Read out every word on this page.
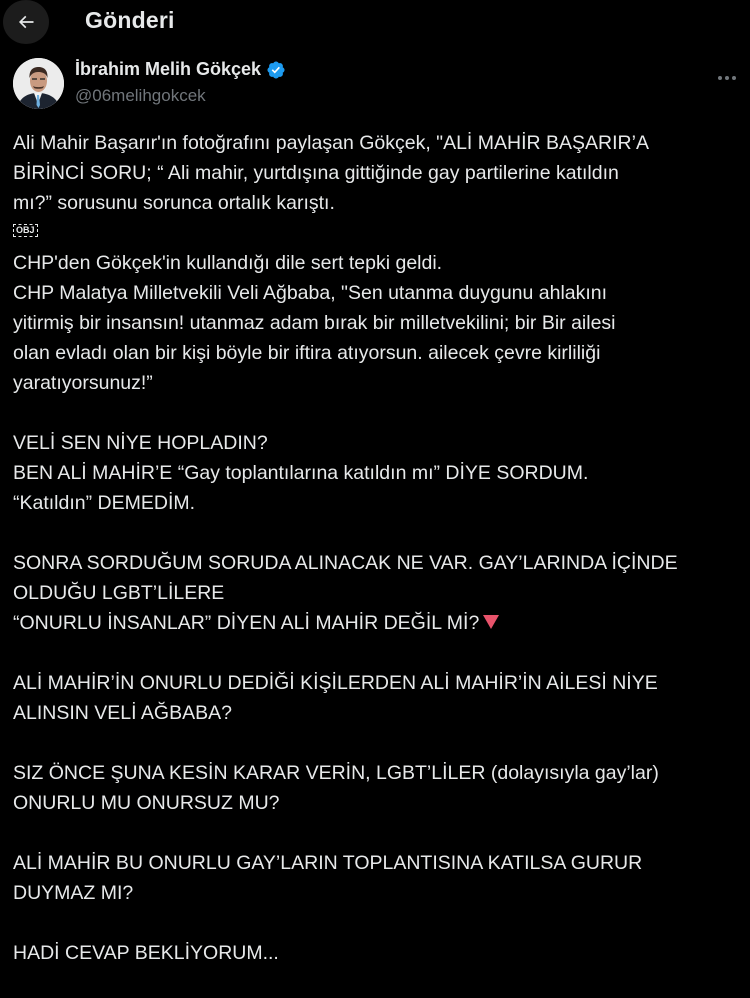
Gönderi
İbrahim Melih Gökçek
@06melihgokcek

Ali Mahir Başarır'ın fotoğrafını paylaşan Gökçek, "ALİ MAHİR BAŞARIR’A

BİRİNCİ SORU; “ Ali mahir, yurtdışına gittiğinde gay partilerine katıldın

mı?” sorusunu sorunca ortalık karıştı.

OBJ

CHP'den Gökçek'in kullandığı dile sert tepki geldi.

CHP Malatya Milletvekili Veli Ağbaba, "Sen utanma duygunu ahlakını

yitirmiş bir insansın! utanmaz adam bırak bir milletvekilini; bir Bir ailesi

olan evladı olan bir kişi böyle bir iftira atıyorsun. ailecek çevre kirliliği

yaratıyorsunuz!”

VELİ SEN NİYE HOPLADIN?

BEN ALİ MAHİR’E “Gay toplantılarına katıldın mı” DİYE SORDUM.

“Katıldın” DEMEDİM.

SONRA SORDUĞUM SORUDA ALINACAK NE VAR. GAY’LARINDA İÇİNDE

OLDUĞU LGBT’LİLERE

“ONURLU İNSANLAR” DİYEN ALİ MAHİR DEĞİL Mİ?

ALİ MAHİR’İN ONURLU DEDİĞİ KİŞİLERDEN ALİ MAHİR’İN AİLESİ NİYE

ALINSIN VELİ AĞBABA?

SIZ ÖNCE ŞUNA KESİN KARAR VERİN, LGBT’LİLER (dolayısıyla gay’lar)

ONURLU MU ONURSUZ MU?

ALİ MAHİR BU ONURLU GAY’LARIN TOPLANTISINA KATILSA GURUR

DUYMAZ MI?

HADİ CEVAP BEKLİYORUM...
